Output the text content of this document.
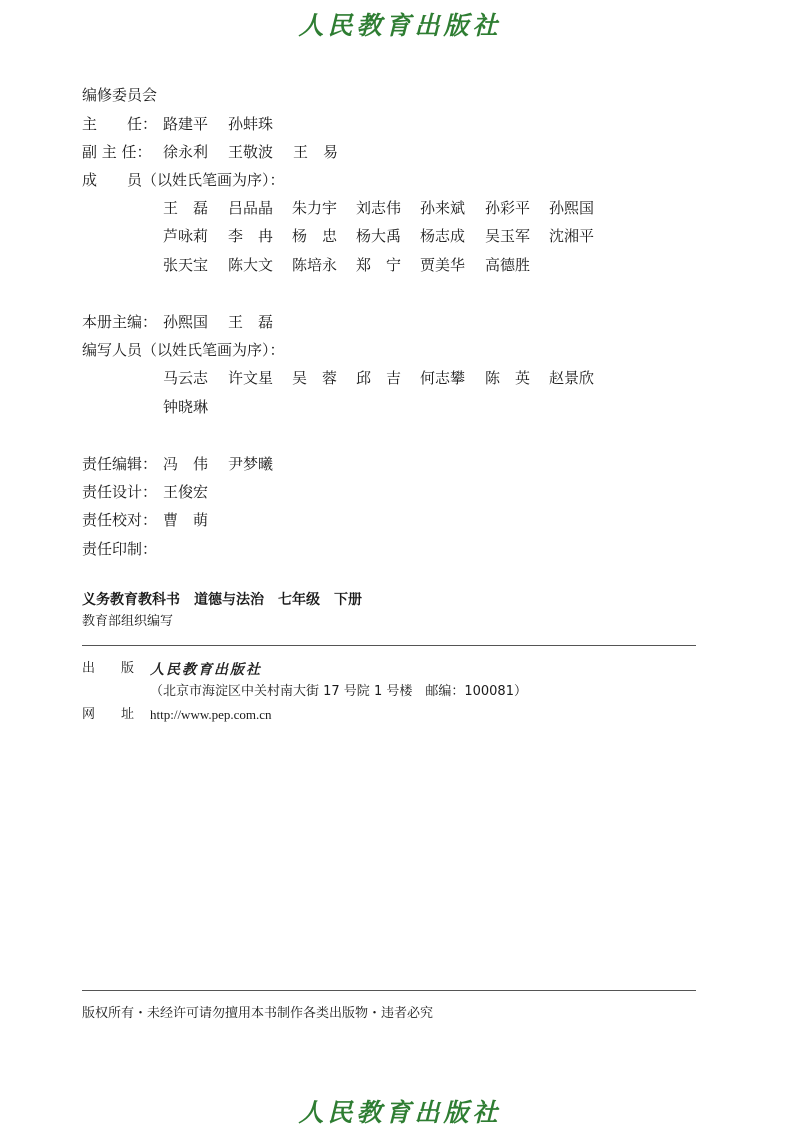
人民教育出版社
编修委员会
主　　任： 路建平 孙蚌珠
副 主 任： 徐永利 王敬波 王　易
成　　员（以姓氏笔画为序）：
王　磊 吕品晶 朱力宇 刘志伟 孙来斌 孙彩平 孙熙国
芦咏莉 李　冉 杨　忠 杨大禹 杨志成 吴玉军 沈湘平
张天宝 陈大文 陈培永 郑　宁 贾美华 高德胜
本册主编： 孙熙国 王　磊
编写人员（以姓氏笔画为序）：
马云志 许文星 吴　蓉 邱　吉 何志攀 陈　英 赵景欣
钟晓琳
责任编辑： 冯　伟 尹梦曦
责任设计： 王俊宏
责任校对： 曹　萌
责任印制：
义务教育教科书　道德与法治　七年级　下册
教育部组织编写
出　　版 人民教育出版社
（北京市海淀区中关村南大街 17 号院 1 号楼　邮编：100081）
网　　址 http://www.pep.com.cn
版权所有・未经许可请勿擅用本书制作各类出版物・违者必究
人民教育出版社
